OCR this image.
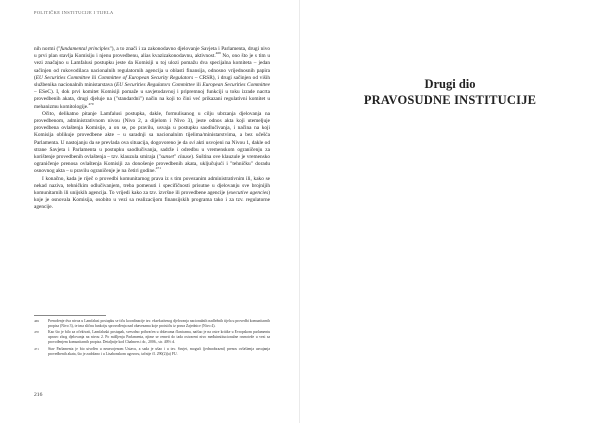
POLITIČKE INSTITUCIJE I TIJELA

nih normi ("fundamental principles"), a to znači i za zakonodavno djelovanje Savjeta i Parlamenta, drugi nivo u prvi plan stavlja Komisiju i njenu provedbenu, alias kvazizakonodavnu, aktivnost.$^{469}$ No, ono što je s tim u vezi značajno u Lamfalusi postupku jeste da Komisiji u toj ulozi pomažu dva specijalna komiteta – jedan sačinjen od rukovodilaca nacionalnih regulatornih agencija u oblasti finansija, odnosno vrijednosnih papira (EU Securities Committee ili Committee of European Security Regulators – CRSR), i drugi sačinjen od viših službenika nacionalnih ministarstava (EU Securities Regulators Committee ili European Securities Committee – ESeC). I, dok prvi komitet Komisiji pomaže u savjetodavnoj i pripremnoj funkciji u toku izrade nacrta provedbenih akata, drugi djeluje na ("standardni") način na koji to čini već prikazani regulativni komitet u mehanizmu komitologije.$^{470}$

Očito, delikatno pitanje Lamfalusi postupka, dakle, formulisanog u cilju ubrzanja djelovanja na provedbenom, administrativnom nivou (Nivo 2, a dijelom i Nivo 3), jeste odnos akta koji utemeljuje provedbena ovlaštenja Komisije, a on se, po pravilu, usvaja u postupku saodlučivanja, i načina na koji Komisija oblikuje provedbene akte – u saradnji sa nacionalnim tijelima/ministarstvima, a bez učešća Parlamenta. U nastojanju da se prevlada ova situacija, dogovoreno je da svi akti usvojeni na Nivou 1, dakle od strane Savjeta i Parlamenta u postupku saodlučivanja, sadrže i odredbu u vremenskom ograničenju za korištenje provedbenih ovlaštenja – tzv. klauzula smiraja ("sunset" clause). Suština ove klauzule je vremensko ograničenje prenosa ovlaštenja Komisiji za donošenje provedbenih akata, uključujući i "tehničku" doradu osnovnog akta – u pravilu ograničenje je na četiri godine.$^{471}$

I konačno, kada je riječ o provedbi komunitarnog prava iz s tim povezanim administrativnim ili, kako se nekad naziva, tehničkim odlučivanjem, treba pomenuti i specifičnosti prisutne u djelovanju sve brojnijih komunitarnih ili unijskih agencija. To vrijedi kako za tzv. izvršne ili provedbene agencije (executive agencies) koje je osnovala Komisija, osobito u vezi sa realizacijom finansijskih programa tako i za tzv. regulatorne agencije.

469	Prenošenje dva nivoa u Lamfalusi postupku se tiču koordinacije tzv. eksekutivnog djelovanja nacionalnih nadležnih tijela u provedbi komunitarnih propisa (Nivo 3), te ima sličnu funkciju sprovođenja nad obavezama koje proističu iz prava Zajednice (Nivo 4).
470	Kao što je bilo za očekivati, Lamfaluski postupak, svesrdno prihvaćen u državama članicama, naišao je na ostre kritike u Evropskom parlamentu upravo zbog djelovanja na nivou 2. Po mišljenju Parlamenta, njime se remeti do tada ostvareni nivo međuinstitucionalne ravnoteže u vezi sa provođenjem komunitarnih propisa. Detaljnije kod Chalmers i dr., 2006., str. 409 i d.
471	Stav Parlamenta je bio utvrđen u neusvojenom Ustavu, a sada je ušao i u tzv. Savjet, mogući (jednoobrazni) prenos ovlaštenja usvajanja provedbenih akata, što je zadržano i u Lisabonskom ugovoru, tačnije čl. 290(2)(a) FU.
216
Drugi dio
PRAVOSUDNE INSTITUCIJE
